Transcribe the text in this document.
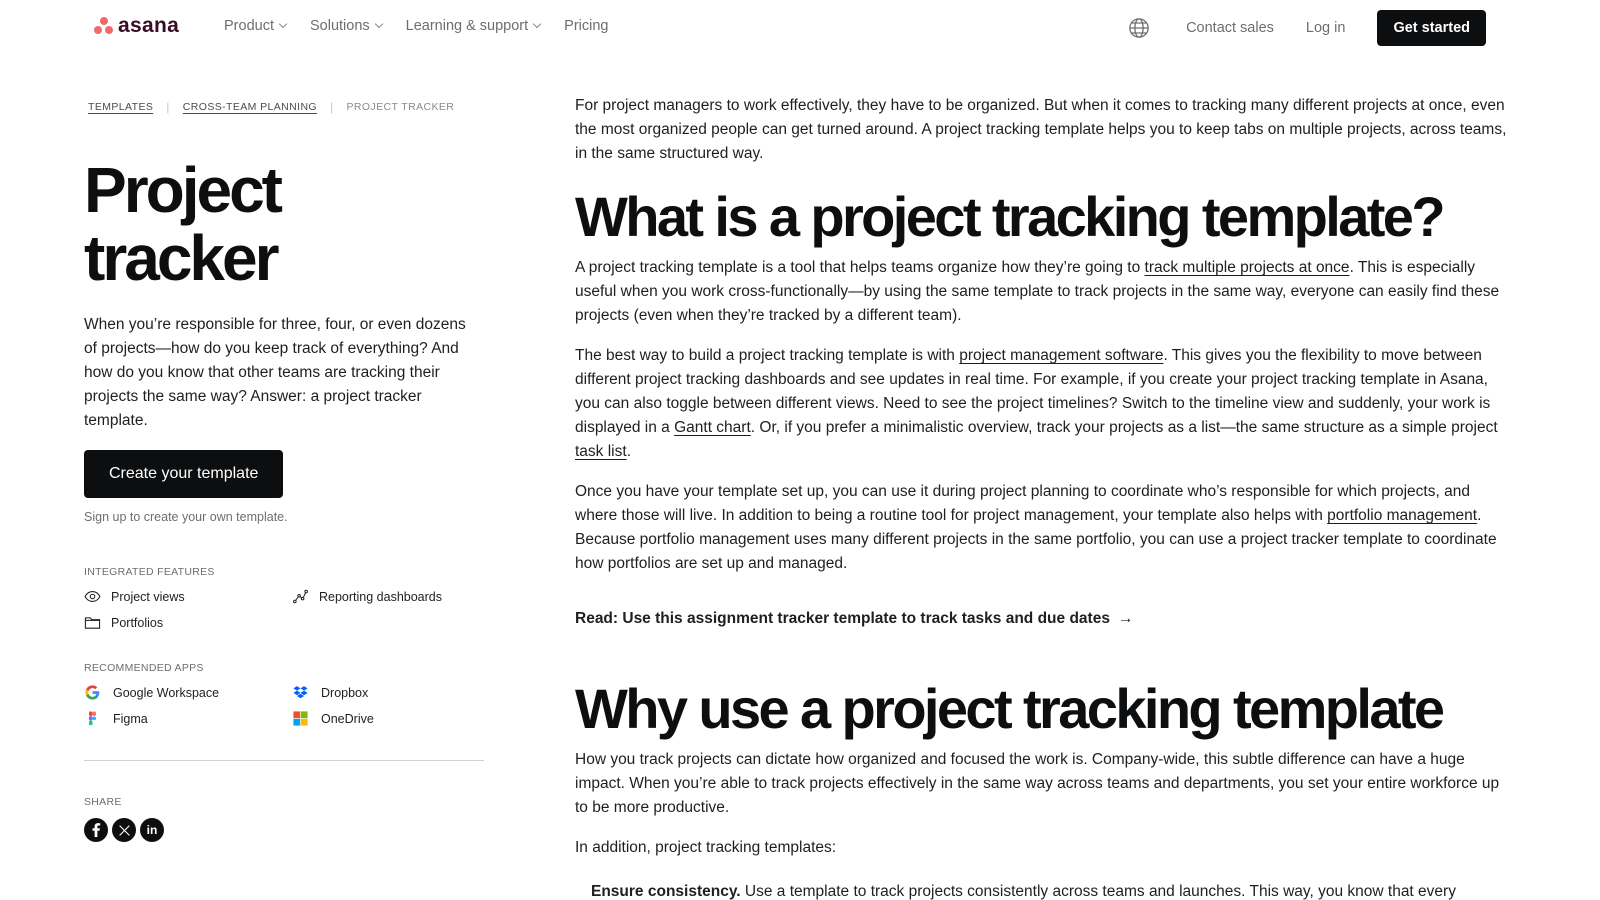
asana	Product Solutions Learning & support Pricing	Contact sales Log in	Get started
TEMPLATES | CROSS-TEAM PLANNING | PROJECT TRACKER
Project
tracker

When you’re responsible for three, four, or even dozens of projects—how do you keep track of everything? And how do you know that other teams are tracking their projects the same way? Answer: a project tracker template.

Create your template
Sign up to create your own template.
INTEGRATED FEATURES
Project views	Reporting dashboards
Portfolios
RECOMMENDED APPS
Google Workspace	Dropbox
Figma	OneDrive
SHARE
in

For project managers to work effectively, they have to be organized. But when it comes to tracking many different projects at once, even the most organized people can get turned around. A project tracking template helps you to keep tabs on multiple projects, across teams, in the same structured way.

What is a project tracking template?

A project tracking template is a tool that helps teams organize how they’re going to track multiple projects at once. This is especially useful when you work cross-functionally—by using the same template to track projects in the same way, everyone can easily find these projects (even when they’re tracked by a different team).

The best way to build a project tracking template is with project management software. This gives you the flexibility to move between different project tracking dashboards and see updates in real time. For example, if you create your project tracking template in Asana, you can also toggle between different views. Need to see the project timelines? Switch to the timeline view and suddenly, your work is displayed in a Gantt chart. Or, if you prefer a minimalistic overview, track your projects as a list—the same structure as a simple project task list.

Once you have your template set up, you can use it during project planning to coordinate who’s responsible for which projects, and where those will live. In addition to being a routine tool for project management, your template also helps with portfolio management. Because portfolio management uses many different projects in the same portfolio, you can use a project tracker template to coordinate how portfolios are set up and managed.

Read: Use this assignment tracker template to track tasks and due dates →
Why use a project tracking template

How you track projects can dictate how organized and focused the work is. Company-wide, this subtle difference can have a huge impact. When you’re able to track projects effectively in the same way across teams and departments, you set your entire workforce up to be more productive.

In addition, project tracking templates:

Ensure consistency. Use a template to track projects consistently across teams and launches. This way, you know that every
